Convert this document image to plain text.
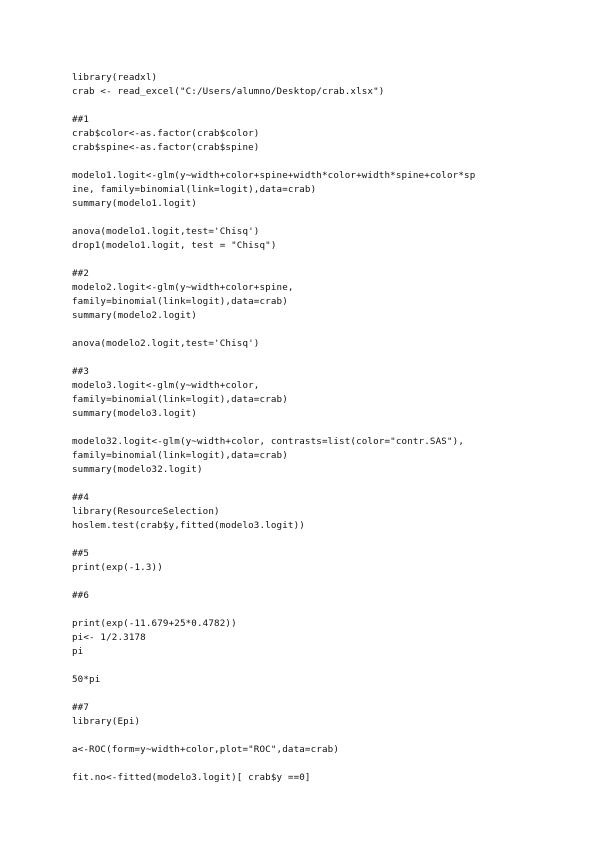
library(readxl)
crab <- read_excel("C:/Users/alumno/Desktop/crab.xlsx")
##1
crab$color<-as.factor(crab$color)
crab$spine<-as.factor(crab$spine)
modelo1.logit<-glm(y~width+color+spine+width*color+width*spine+color*sp
ine, family=binomial(link=logit),data=crab)
summary(modelo1.logit)
anova(modelo1.logit,test='Chisq')
drop1(modelo1.logit, test = "Chisq")
##2
modelo2.logit<-glm(y~width+color+spine,
family=binomial(link=logit),data=crab)
summary(modelo2.logit)
anova(modelo2.logit,test='Chisq')
##3
modelo3.logit<-glm(y~width+color,
family=binomial(link=logit),data=crab)
summary(modelo3.logit)
modelo32.logit<-glm(y~width+color, contrasts=list(color="contr.SAS"),
family=binomial(link=logit),data=crab)
summary(modelo32.logit)
##4
library(ResourceSelection)
hoslem.test(crab$y,fitted(modelo3.logit))
##5
print(exp(-1.3))
##6
print(exp(-11.679+25*0.4782))
pi<- 1/2.3178
pi
50*pi
##7
library(Epi)
a<-ROC(form=y~width+color,plot="ROC",data=crab)
fit.no<-fitted(modelo3.logit)[ crab$y ==0]
